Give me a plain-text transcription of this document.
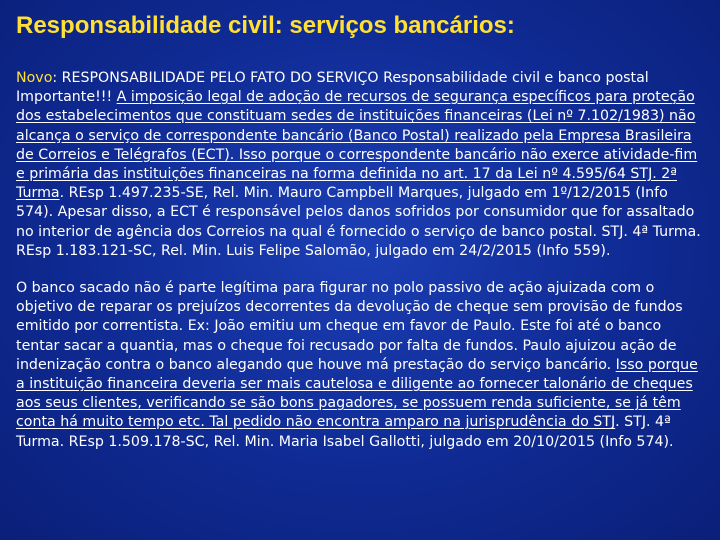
Responsabilidade civil: serviços bancários:

Novo: RESPONSABILIDADE PELO FATO DO SERVIÇO Responsabilidade civil e banco postal Importante!!! A imposição legal de adoção de recursos de segurança específicos para proteção dos estabelecimentos que constituam sedes de instituições financeiras (Lei nº 7.102/1983) não alcança o serviço de correspondente bancário (Banco Postal) realizado pela Empresa Brasileira de Correios e Telégrafos (ECT). Isso porque o correspondente bancário não exerce atividade-fim e primária das instituições financeiras na forma definida no art. 17 da Lei nº 4.595/64 STJ. 2ª Turma. REsp 1.497.235-SE, Rel. Min. Mauro Campbell Marques, julgado em 1º/12/2015 (Info 574). Apesar disso, a ECT é responsável pelos danos sofridos por consumidor que for assaltado no interior de agência dos Correios na qual é fornecido o serviço de banco postal. STJ. 4ª Turma. REsp 1.183.121-SC, Rel. Min. Luis Felipe Salomão, julgado em 24/2/2015 (Info 559).

O banco sacado não é parte legítima para figurar no polo passivo de ação ajuizada com o objetivo de reparar os prejuízos decorrentes da devolução de cheque sem provisão de fundos emitido por correntista. Ex: João emitiu um cheque em favor de Paulo. Este foi até o banco tentar sacar a quantia, mas o cheque foi recusado por falta de fundos. Paulo ajuizou ação de indenização contra o banco alegando que houve má prestação do serviço bancário. Isso porque a instituição financeira deveria ser mais cautelosa e diligente ao fornecer talonário de cheques aos seus clientes, verificando se são bons pagadores, se possuem renda suficiente, se já têm conta há muito tempo etc. Tal pedido não encontra amparo na jurisprudência do STJ. STJ. 4ª Turma. REsp 1.509.178-SC, Rel. Min. Maria Isabel Gallotti, julgado em 20/10/2015 (Info 574).
